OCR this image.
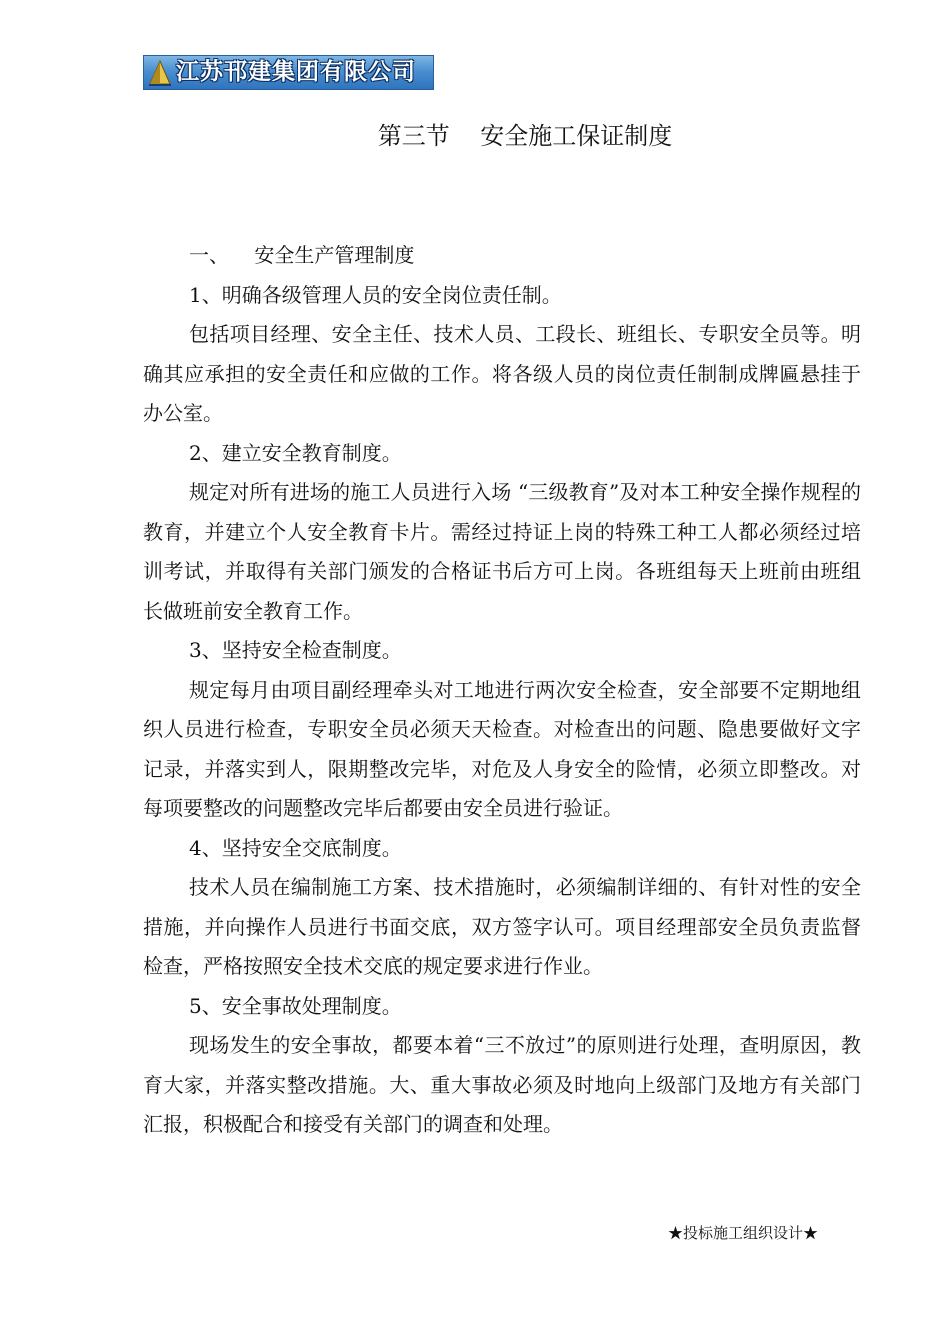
江苏邗建集团有限公司
第三节    安全施工保证制度

一、    安全生产管理制度

1、明确各级管理人员的安全岗位责任制。

包括项目经理、安全主任、技术人员、工段长、班组长、专职安全员等。明确其应承担的安全责任和应做的工作。将各级人员的岗位责任制制成牌匾悬挂于办公室。

2、建立安全教育制度。

规定对所有进场的施工人员进行入场 “三级教育”及对本工种安全操作规程的教育，并建立个人安全教育卡片。需经过持证上岗的特殊工种工人都必须经过培训考试，并取得有关部门颁发的合格证书后方可上岗。各班组每天上班前由班组长做班前安全教育工作。

3、坚持安全检查制度。

规定每月由项目副经理牵头对工地进行两次安全检查，安全部要不定期地组织人员进行检查，专职安全员必须天天检查。对检查出的问题、隐患要做好文字记录，并落实到人，限期整改完毕，对危及人身安全的险情，必须立即整改。对每项要整改的问题整改完毕后都要由安全员进行验证。

4、坚持安全交底制度。

技术人员在编制施工方案、技术措施时，必须编制详细的、有针对性的安全措施，并向操作人员进行书面交底，双方签字认可。项目经理部安全员负责监督检查，严格按照安全技术交底的规定要求进行作业。

5、安全事故处理制度。

现场发生的安全事故，都要本着“三不放过”的原则进行处理，查明原因，教育大家，并落实整改措施。大、重大事故必须及时地向上级部门及地方有关部门汇报，积极配合和接受有关部门的调查和处理。

★投标施工组织设计★
